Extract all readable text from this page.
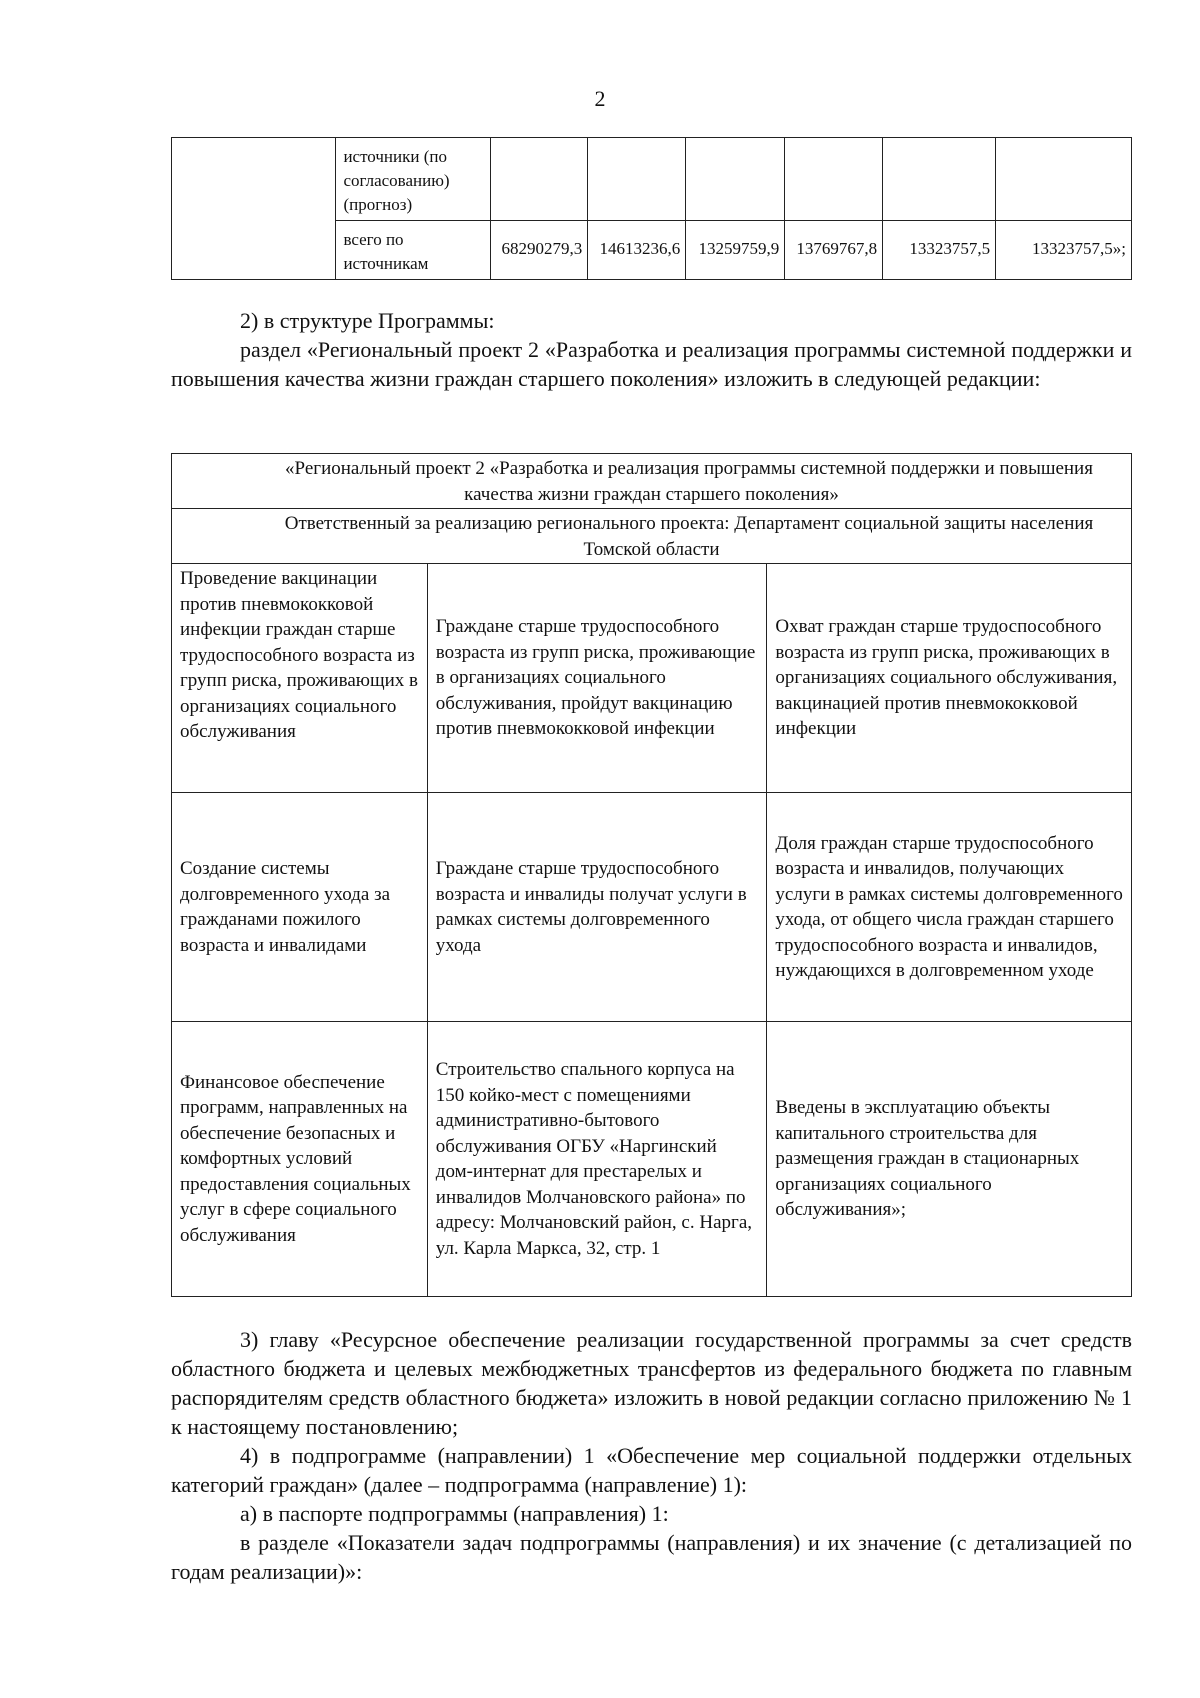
2
	источники (по согласованию) (прогноз)						
	всего по источникам	68290279,3	14613236,6	13259759,9	13769767,8	13323757,5	13323757,5»;

2) в структуре Программы:

раздел «Региональный проект 2 «Разработка и реализация программы системной поддержки и повышения качества жизни граждан старшего поколения» изложить в следующей редакции:

«Региональный проект 2 «Разработка и реализация программы системной поддержки и повышения качества жизни граждан старшего поколения»		
Ответственный за реализацию регионального проекта: Департамент социальной защиты населения Томской области		
Проведение вакцинации против пневмококковой инфекции граждан старше трудоспособного возраста из групп риска, проживающих в организациях социального обслуживания	Граждане старше трудоспособного возраста из групп риска, проживающие в организациях социального обслуживания, пройдут вакцинацию против пневмококковой инфекции	Охват граждан старше трудоспособного возраста из групп риска, проживающих в организациях социального обслуживания, вакцинацией против пневмококковой инфекции
Создание системы долговременного ухода за гражданами пожилого возраста и инвалидами	Граждане старше трудоспособного возраста и инвалиды получат услуги в рамках системы долговременного ухода	Доля граждан старше трудоспособного возраста и инвалидов, получающих услуги в рамках системы долговременного ухода, от общего числа граждан старшего трудоспособного возраста и инвалидов, нуждающихся в долговременном уходе
Финансовое обеспечение программ, направленных на обеспечение безопасных и комфортных условий предоставления социальных услуг в сфере социального обслуживания	Строительство спального корпуса на 150 койко-мест с помещениями административно-бытового обслуживания ОГБУ «Наргинский дом-интернат для престарелых и инвалидов Молчановского района» по адресу: Молчановский район, с. Нарга, ул. Карла Маркса, 32, стр. 1	Введены в эксплуатацию объекты капитального строительства для размещения граждан в стационарных организациях социального обслуживания»;

3) главу «Ресурсное обеспечение реализации государственной программы за счет средств областного бюджета и целевых межбюджетных трансфертов из федерального бюджета по главным распорядителям средств областного бюджета» изложить в новой редакции согласно приложению № 1 к настоящему постановлению;

4) в подпрограмме (направлении) 1 «Обеспечение мер социальной поддержки отдельных категорий граждан» (далее – подпрограмма (направление) 1):

а) в паспорте подпрограммы (направления) 1:

в разделе «Показатели задач подпрограммы (направления) и их значение (с детализацией по годам реализации)»:
